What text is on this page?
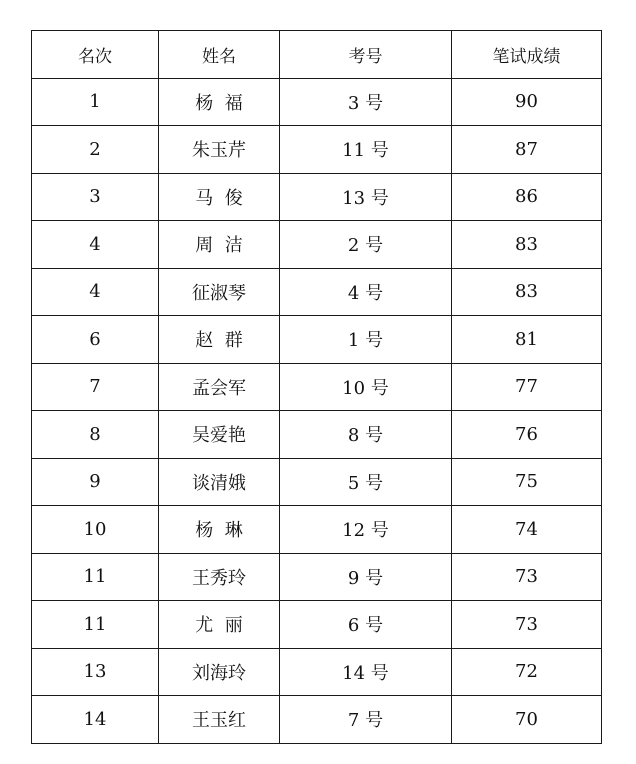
名次	姓名	考号	笔试成绩
1	杨  福	3 号	90
2	朱玉芹	11 号	87
3	马  俊	13 号	86
4	周  洁	2 号	83
4	征淑琴	4 号	83
6	赵  群	1 号	81
7	孟会军	10 号	77
8	吴爱艳	8 号	76
9	谈清娥	5 号	75
10	杨  琳	12 号	74
11	王秀玲	9 号	73
11	尤  丽	6 号	73
13	刘海玲	14 号	72
14	王玉红	7 号	70
